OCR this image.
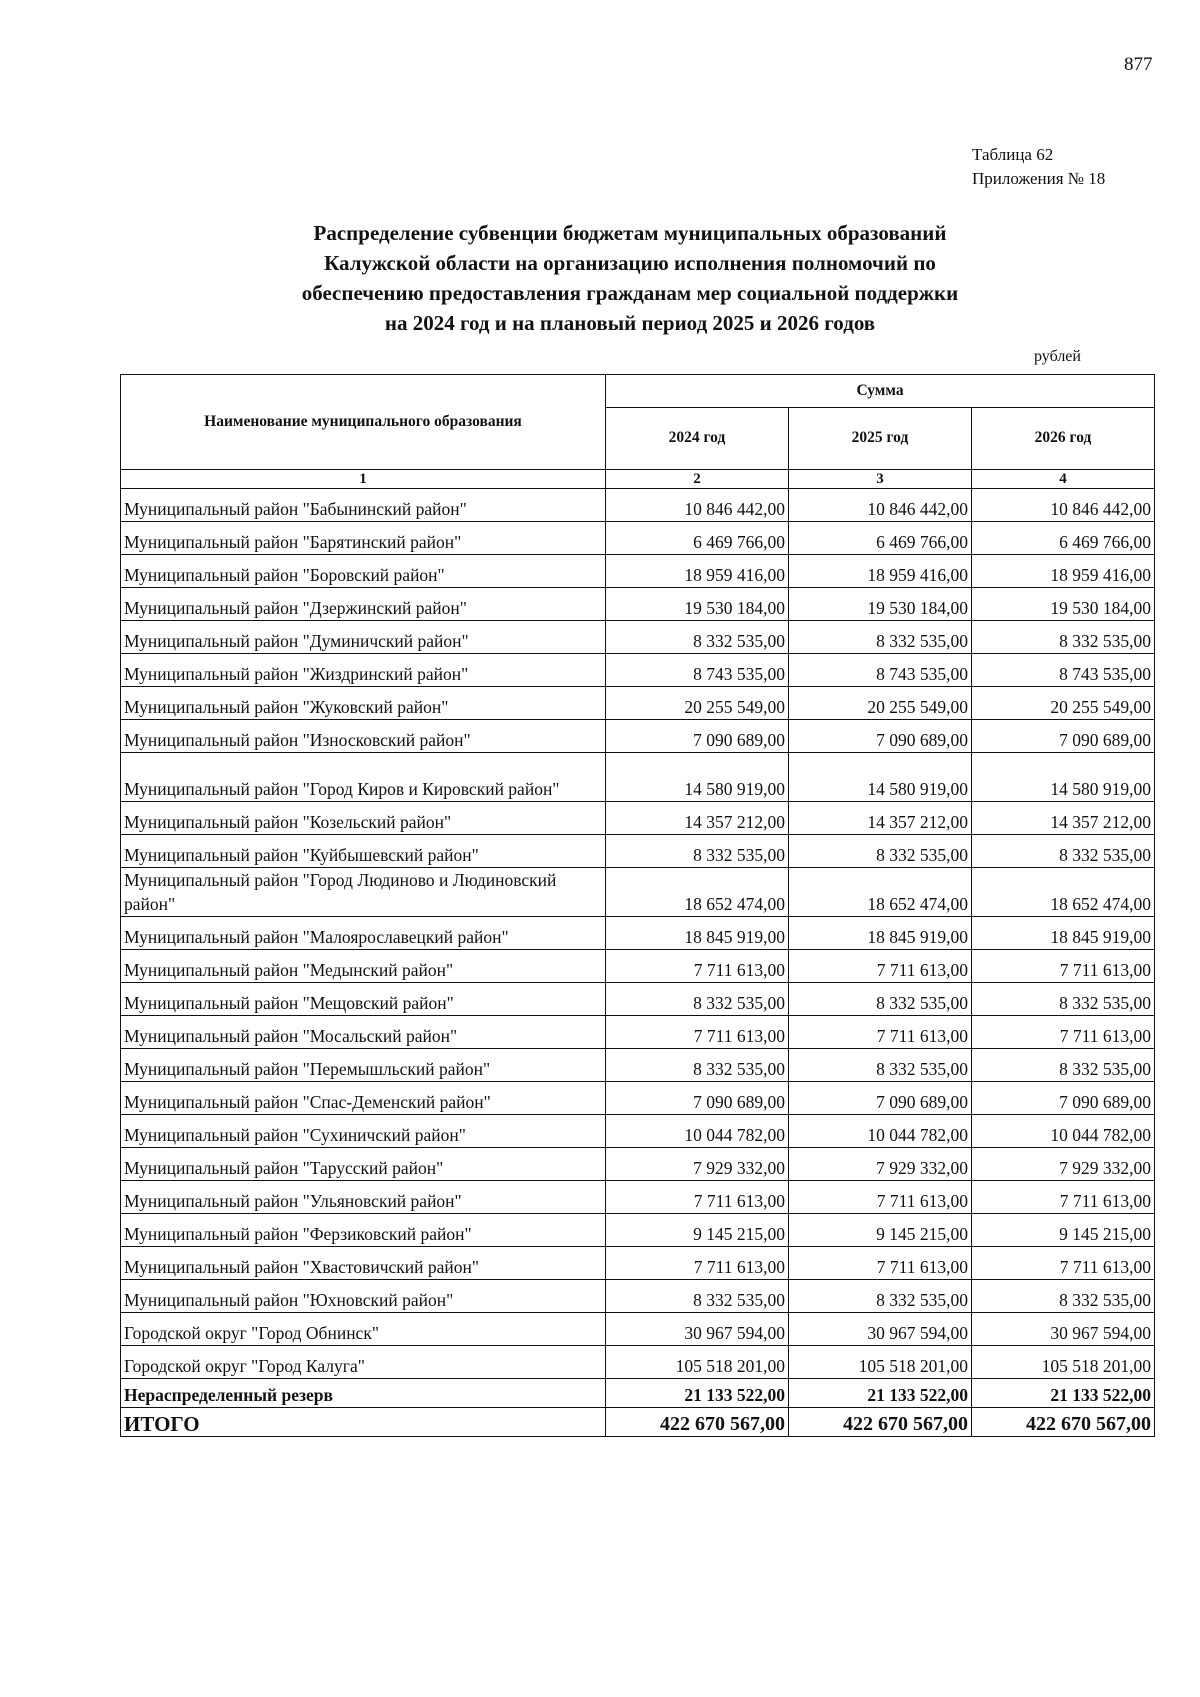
877
Таблица 62
Приложения № 18
Распределение субвенции бюджетам муниципальных образований
Калужской области на организацию исполнения полномочий по
обеспечению предоставления гражданам мер социальной поддержки
на 2024 год и на плановый период 2025 и 2026 годов
рублей
Наименование муниципального образования	Сумма		
	2024 год	2025 год	2026 год
1	2	3	4
Муниципальный район "Бабынинский район"	10 846 442,00	10 846 442,00	10 846 442,00
Муниципальный район "Барятинский район"	6 469 766,00	6 469 766,00	6 469 766,00
Муниципальный район "Боровский район"	18 959 416,00	18 959 416,00	18 959 416,00
Муниципальный район "Дзержинский район"	19 530 184,00	19 530 184,00	19 530 184,00
Муниципальный район "Думиничский район"	8 332 535,00	8 332 535,00	8 332 535,00
Муниципальный район "Жиздринский район"	8 743 535,00	8 743 535,00	8 743 535,00
Муниципальный район "Жуковский район"	20 255 549,00	20 255 549,00	20 255 549,00
Муниципальный район "Износковский район"	7 090 689,00	7 090 689,00	7 090 689,00
Муниципальный район "Город Киров и Кировский район"	14 580 919,00	14 580 919,00	14 580 919,00
Муниципальный район "Козельский район"	14 357 212,00	14 357 212,00	14 357 212,00
Муниципальный район "Куйбышевский район"	8 332 535,00	8 332 535,00	8 332 535,00
Муниципальный район "Город Людиново и Людиновский район"	18 652 474,00	18 652 474,00	18 652 474,00
Муниципальный район "Малоярославецкий район"	18 845 919,00	18 845 919,00	18 845 919,00
Муниципальный район "Медынский район"	7 711 613,00	7 711 613,00	7 711 613,00
Муниципальный район "Мещовский район"	8 332 535,00	8 332 535,00	8 332 535,00
Муниципальный район "Мосальский район"	7 711 613,00	7 711 613,00	7 711 613,00
Муниципальный район "Перемышльский район"	8 332 535,00	8 332 535,00	8 332 535,00
Муниципальный район "Спас-Деменский район"	7 090 689,00	7 090 689,00	7 090 689,00
Муниципальный район "Сухиничский район"	10 044 782,00	10 044 782,00	10 044 782,00
Муниципальный район "Тарусский район"	7 929 332,00	7 929 332,00	7 929 332,00
Муниципальный район "Ульяновский район"	7 711 613,00	7 711 613,00	7 711 613,00
Муниципальный район "Ферзиковский район"	9 145 215,00	9 145 215,00	9 145 215,00
Муниципальный район "Хвастовичский район"	7 711 613,00	7 711 613,00	7 711 613,00
Муниципальный район "Юхновский район"	8 332 535,00	8 332 535,00	8 332 535,00
Городской округ "Город Обнинск"	30 967 594,00	30 967 594,00	30 967 594,00
Городской округ "Город Калуга"	105 518 201,00	105 518 201,00	105 518 201,00
Нераспределенный резерв	21 133 522,00	21 133 522,00	21 133 522,00
ИТОГО	422 670 567,00	422 670 567,00	422 670 567,00
